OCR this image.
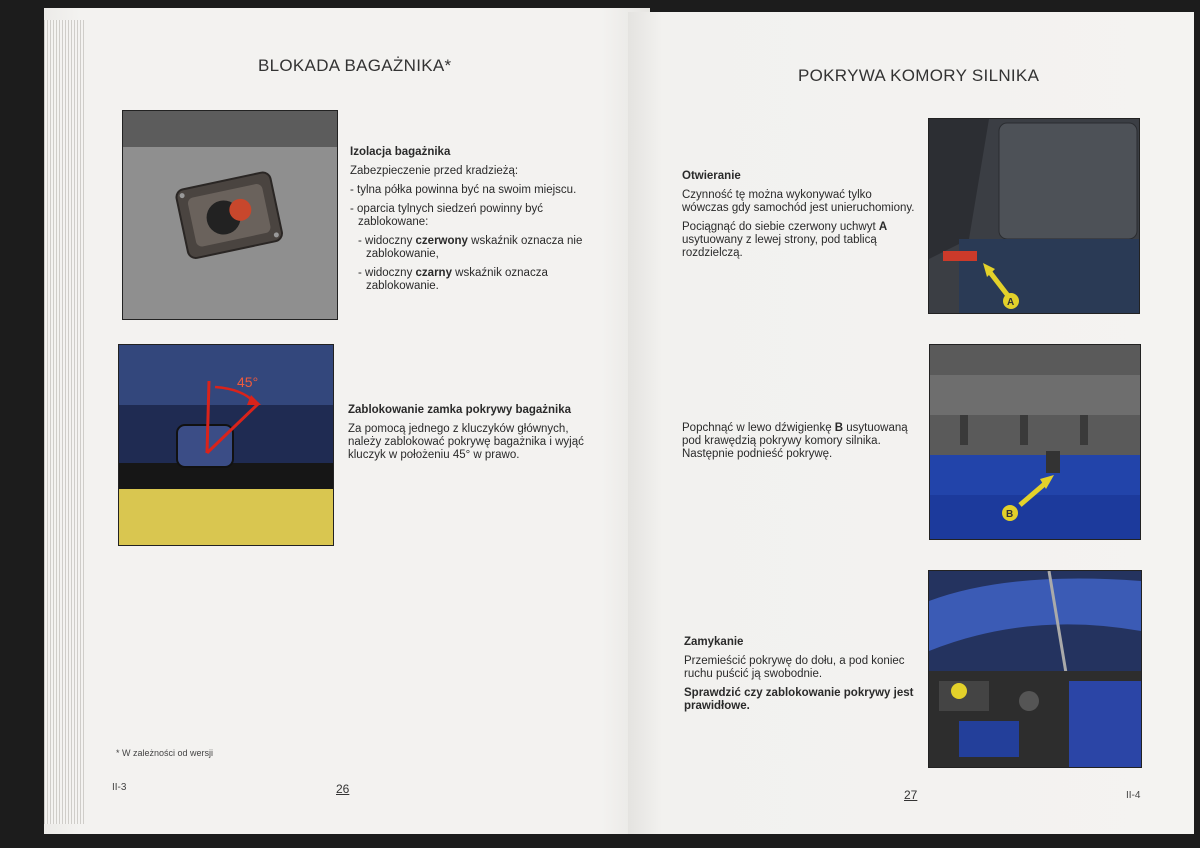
BLOKADA BAGAŻNIKA*
45°
Izolacja bagażnika

Zabezpieczenie przed kradzieżą:

- tylna półka powinna być na swoim miejscu.

- oparcia tylnych siedzeń powinny być zablokowane:

- widoczny czerwony wskaźnik oznacza nie zablokowanie,

- widoczny czarny wskaźnik oznacza zablokowanie.

Zablokowanie zamka pokrywy bagażnika

Za pomocą jednego z kluczyków głównych, należy zablokować pokrywę bagażnika i wyjąć kluczyk w położeniu 45° w prawo.

* W zależności od wersji
II-3	26
POKRYWA KOMORY SILNIKA
A
B
Otwieranie

Czynność tę można wykonywać tylko wówczas gdy samochód jest unieruchomiony.

Pociągnąć do siebie czerwony uchwyt A usytuowany z lewej strony, pod tablicą rozdzielczą.

Popchnąć w lewo dźwigienkę B usytuowaną pod krawędzią pokrywy komory silnika. Następnie podnieść pokrywę.

Zamykanie

Przemieścić pokrywę do dołu, a pod koniec ruchu puścić ją swobodnie.

Sprawdzić czy zablokowanie pokrywy jest prawidłowe.

27	II-4
